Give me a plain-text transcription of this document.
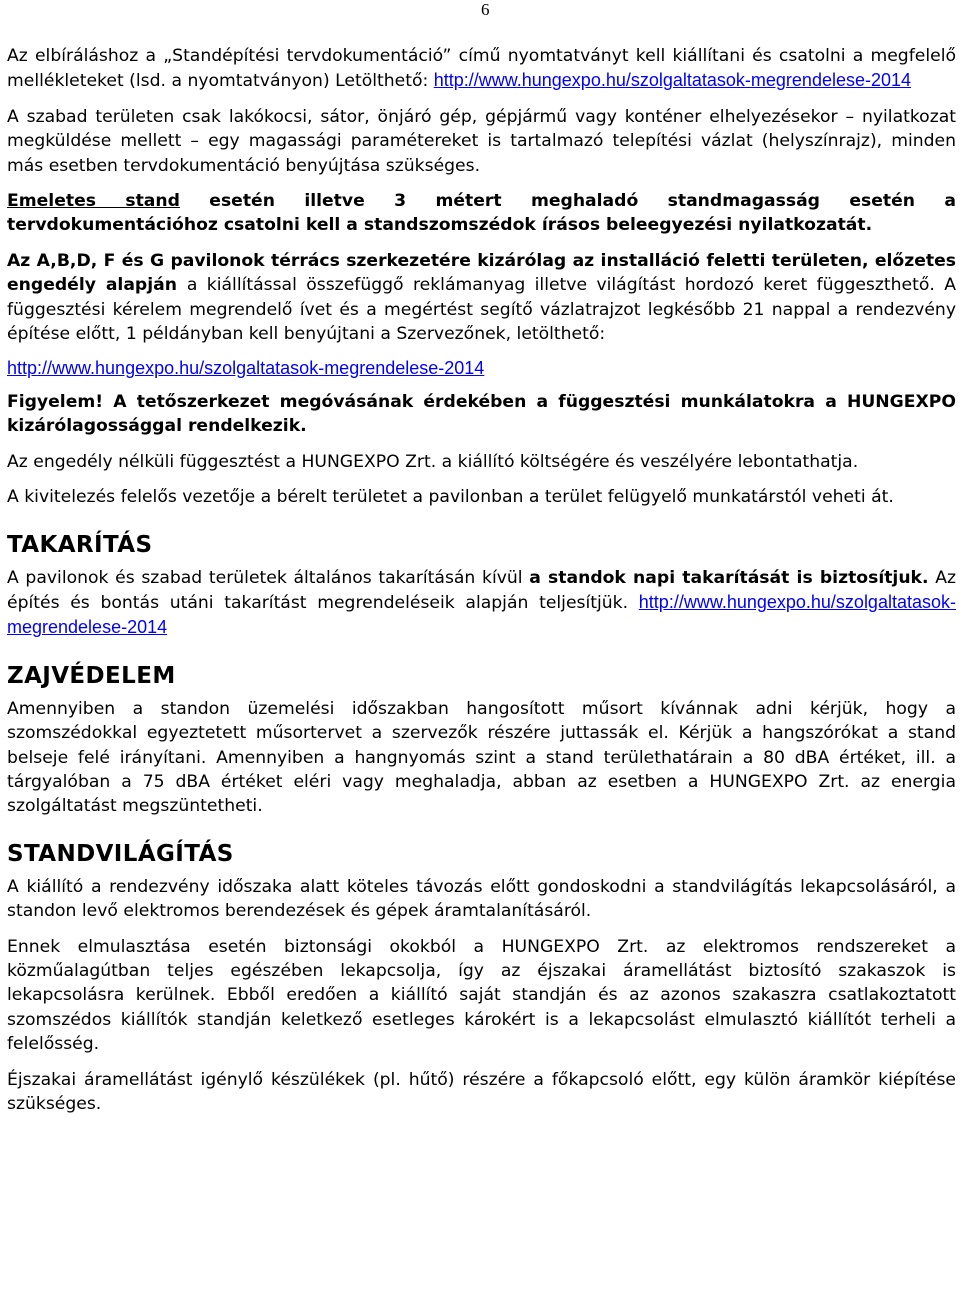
6

Az elbíráláshoz a „Standépítési tervdokumentáció” című nyomtatványt kell kiállítani és csatolni a megfelelő mellékleteket (lsd. a nyomtatványon) Letölthető: http://www.hungexpo.hu/szolgaltatasok-megrendelese-2014

A szabad területen csak lakókocsi, sátor, önjáró gép, gépjármű vagy konténer elhelyezésekor – nyilatkozat megküldése mellett – egy magassági paramétereket is tartalmazó telepítési vázlat (helyszínrajz), minden más esetben tervdokumentáció benyújtása szükséges.

Emeletes stand esetén illetve 3 métert meghaladó standmagasság esetén a tervdokumentációhoz csatolni kell a standszomszédok írásos beleegyezési nyilatkozatát.

Az A,B,D, F és G pavilonok térrács szerkezetére kizárólag az installáció feletti területen, előzetes engedély alapján a kiállítással összefüggő reklámanyag illetve világítást hordozó keret függeszthető. A függesztési kérelem megrendelő ívet és a megértést segítő vázlatrajzot legkésőbb 21 nappal a rendezvény építése előtt, 1 példányban kell benyújtani a Szervezőnek, letölthető:

http://www.hungexpo.hu/szolgaltatasok-megrendelese-2014

Figyelem! A tetőszerkezet megóvásának érdekében a függesztési munkálatokra a HUNGEXPO kizárólagossággal rendelkezik.

Az engedély nélküli függesztést a HUNGEXPO Zrt. a kiállító költségére és veszélyére lebontathatja.

A kivitelezés felelős vezetője a bérelt területet a pavilonban a terület felügyelő munkatárstól veheti át.

TAKARÍTÁS

A pavilonok és szabad területek általános takarításán kívül a standok napi takarítását is biztosítjuk. Az építés és bontás utáni takarítást megrendeléseik alapján teljesítjük. http://www.hungexpo.hu/szolgaltatasok-megrendelese-2014

ZAJVÉDELEM

Amennyiben a standon üzemelési időszakban hangosított műsort kívánnak adni kérjük, hogy a szomszédokkal egyeztetett műsortervet a szervezők részére juttassák el. Kérjük a hangszórókat a stand belseje felé irányítani. Amennyiben a hangnyomás szint a stand területhatárain a 80 dBA értéket, ill. a tárgyalóban a 75 dBA értéket eléri vagy meghaladja, abban az esetben a HUNGEXPO Zrt. az energia szolgáltatást megszüntetheti.

STANDVILÁGÍTÁS

A kiállító a rendezvény időszaka alatt köteles távozás előtt gondoskodni a standvilágítás lekapcsolásáról, a standon levő elektromos berendezések és gépek áramtalanításáról.

Ennek elmulasztása esetén biztonsági okokból a HUNGEXPO Zrt. az elektromos rendszereket a közműalagútban teljes egészében lekapcsolja, így az éjszakai áramellátást biztosító szakaszok is lekapcsolásra kerülnek. Ebből eredően a kiállító saját standján és az azonos szakaszra csatlakoztatott szomszédos kiállítók standján keletkező esetleges károkért is a lekapcsolást elmulasztó kiállítót terheli a felelősség.

Éjszakai áramellátást igénylő készülékek (pl. hűtő) részére a főkapcsoló előtt, egy külön áramkör kiépítése szükséges.
